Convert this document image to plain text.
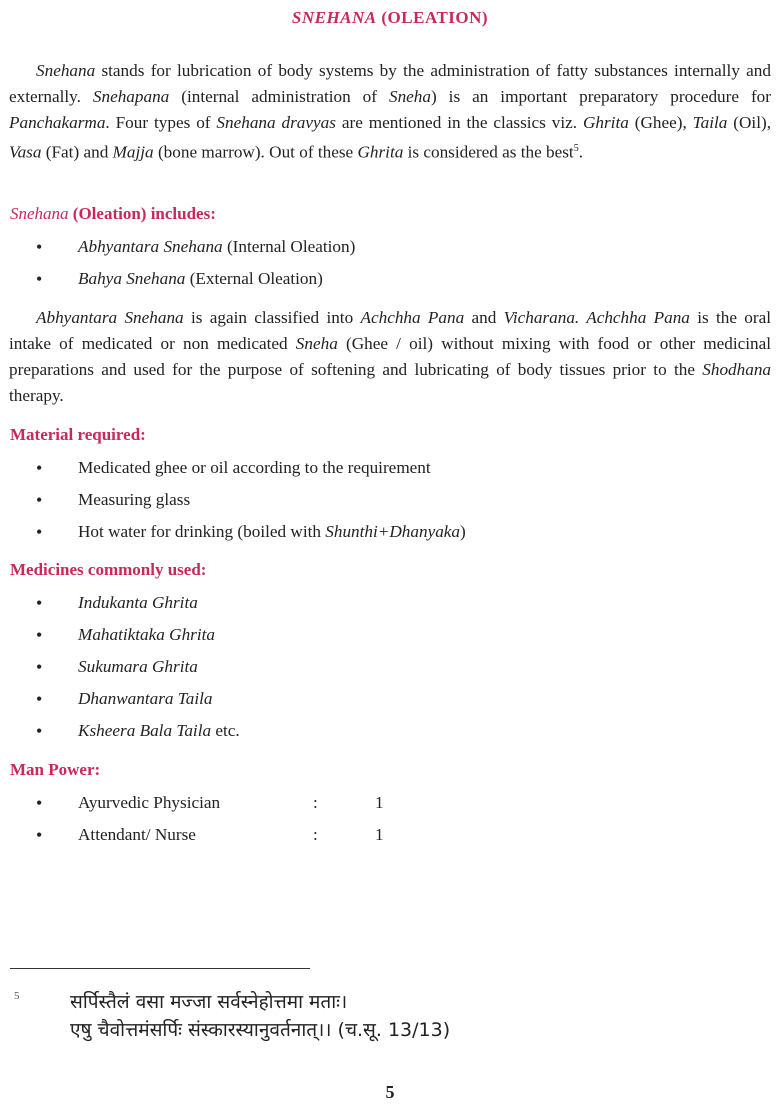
SNEHANA (OLEATION)
Snehana stands for lubrication of body systems by the administration of fatty substances internally and externally. Snehapana (internal administration of Sneha) is an important preparatory procedure for Panchakarma. Four types of Snehana dravyas are mentioned in the classics viz. Ghrita (Ghee), Taila (Oil), Vasa (Fat) and Majja (bone marrow). Out of these Ghrita is considered as the best$^5$.
Snehana (Oleation) includes:
• Abhyantara Snehana (Internal Oleation)
• Bahya Snehana (External Oleation)
Abhyantara Snehana is again classified into Achchha Pana and Vicharana. Achchha Pana is the oral intake of medicated or non medicated Sneha (Ghee / oil) without mixing with food or other medicinal preparations and used for the purpose of softening and lubricating of body tissues prior to the Shodhana therapy.
Material required:
• Medicated ghee or oil according to the requirement
• Measuring glass
• Hot water for drinking (boiled with Shunthi+Dhanyaka)
Medicines commonly used:
• Indukanta Ghrita
• Mahatiktaka Ghrita
• Sukumara Ghrita
• Dhanwantara Taila
• Ksheera Bala Taila etc.
Man Power:
• Ayurvedic Physician	:	1
• Attendant/ Nurse	:	1
5	सर्पिस्तैलं वसा मज्जा सर्वस्नेहोत्तमा मताः।
एषु चैवोत्तमंसर्पिः संस्कारस्यानुवर्तनात्।। (च.सू. 13/13)
5
